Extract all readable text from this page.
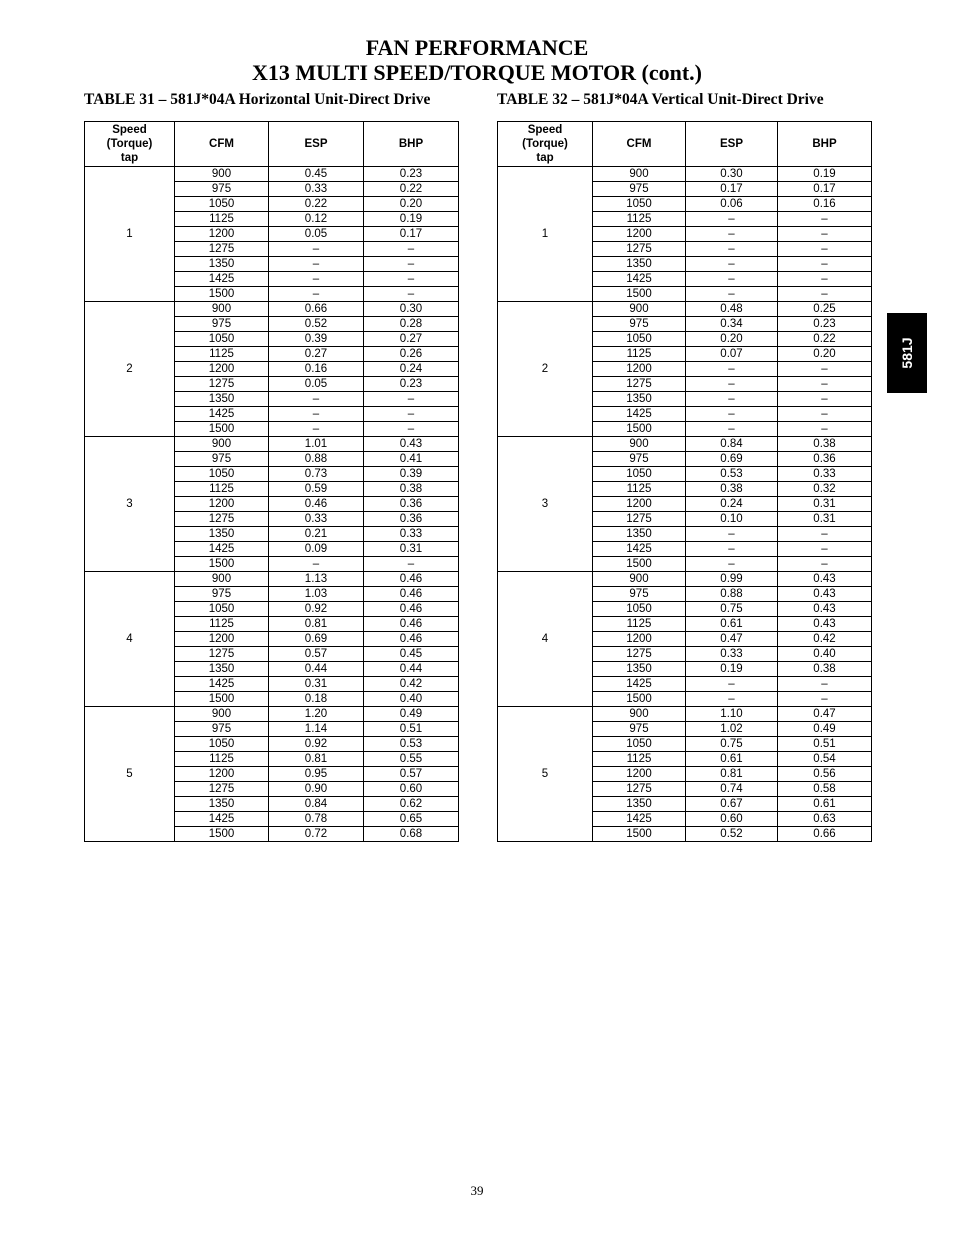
FAN PERFORMANCE
X13 MULTI SPEED/TORQUE MOTOR (cont.)
TABLE 31 – 581J*04A Horizontal Unit-Direct Drive	TABLE 32 – 581J*04A Vertical Unit-Direct Drive
Speed
(Torque)
tap	CFM	ESP	BHP
1	900	0.45	0.23
	975	0.33	0.22
	1050	0.22	0.20
	1125	0.12	0.19
	1200	0.05	0.17
	1275	–	–
	1350	–	–
	1425	–	–
	1500	–	–
2	900	0.66	0.30
	975	0.52	0.28
	1050	0.39	0.27
	1125	0.27	0.26
	1200	0.16	0.24
	1275	0.05	0.23
	1350	–	–
	1425	–	–
	1500	–	–
3	900	1.01	0.43
	975	0.88	0.41
	1050	0.73	0.39
	1125	0.59	0.38
	1200	0.46	0.36
	1275	0.33	0.36
	1350	0.21	0.33
	1425	0.09	0.31
	1500	–	–
4	900	1.13	0.46
	975	1.03	0.46
	1050	0.92	0.46
	1125	0.81	0.46
	1200	0.69	0.46
	1275	0.57	0.45
	1350	0.44	0.44
	1425	0.31	0.42
	1500	0.18	0.40
5	900	1.20	0.49
	975	1.14	0.51
	1050	0.92	0.53
	1125	0.81	0.55
	1200	0.95	0.57
	1275	0.90	0.60
	1350	0.84	0.62
	1425	0.78	0.65
	1500	0.72	0.68
Speed
(Torque)
tap	CFM	ESP	BHP
1	900	0.30	0.19
	975	0.17	0.17
	1050	0.06	0.16
	1125	–	–
	1200	–	–
	1275	–	–
	1350	–	–
	1425	–	–
	1500	–	–
2	900	0.48	0.25
	975	0.34	0.23
	1050	0.20	0.22
	1125	0.07	0.20
	1200	–	–
	1275	–	–
	1350	–	–
	1425	–	–
	1500	–	–
3	900	0.84	0.38
	975	0.69	0.36
	1050	0.53	0.33
	1125	0.38	0.32
	1200	0.24	0.31
	1275	0.10	0.31
	1350	–	–
	1425	–	–
	1500	–	–
4	900	0.99	0.43
	975	0.88	0.43
	1050	0.75	0.43
	1125	0.61	0.43
	1200	0.47	0.42
	1275	0.33	0.40
	1350	0.19	0.38
	1425	–	–
	1500	–	–
5	900	1.10	0.47
	975	1.02	0.49
	1050	0.75	0.51
	1125	0.61	0.54
	1200	0.81	0.56
	1275	0.74	0.58
	1350	0.67	0.61
	1425	0.60	0.63
	1500	0.52	0.66
581J
39
